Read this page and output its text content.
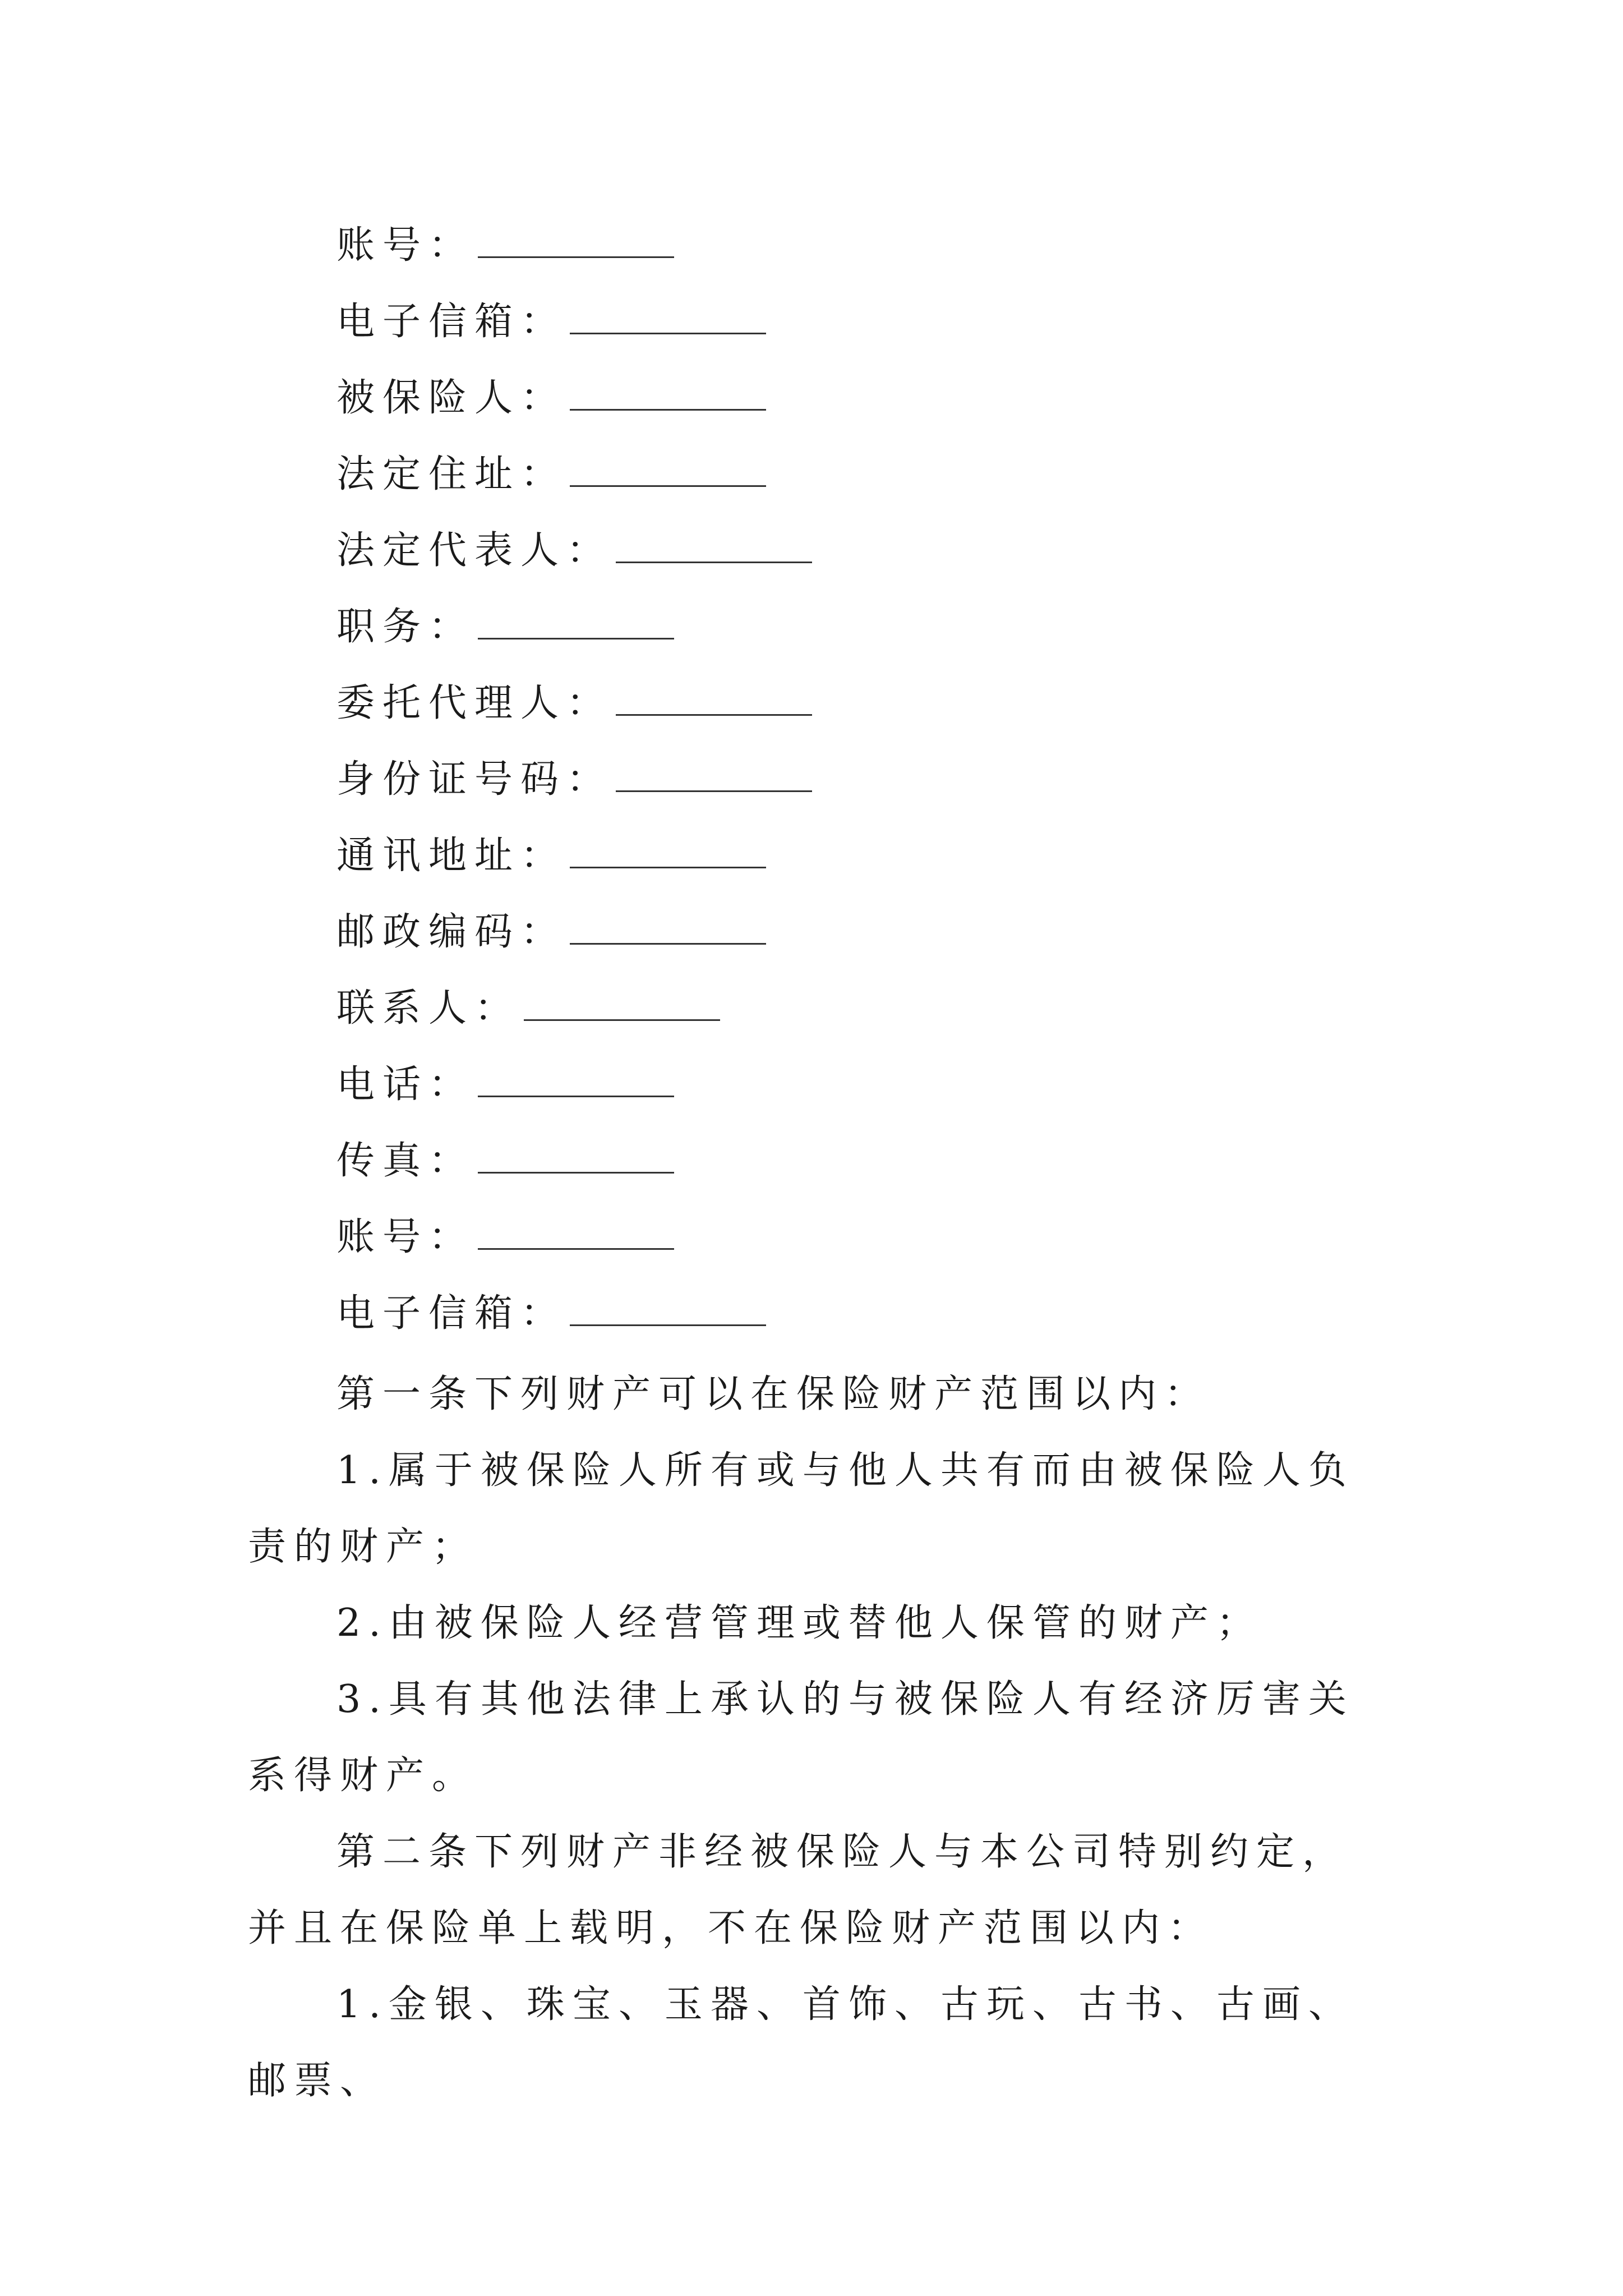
账号：
电子信箱：
被保险人：
法定住址：
法定代表人：
职务：
委托代理人：
身份证号码：
通讯地址：
邮政编码：
联系人：
电话：
传真：
账号：
电子信箱：
第一条下列财产可以在保险财产范围以内：
1.属于被保险人所有或与他人共有而由被保险人负责的财产；
2.由被保险人经营管理或替他人保管的财产；
3.具有其他法律上承认的与被保险人有经济厉害关系得财产。
第二条下列财产非经被保险人与本公司特别约定，并且在保险单上载明，不在保险财产范围以内：
1.金银、珠宝、玉器、首饰、古玩、古书、古画、邮票、
